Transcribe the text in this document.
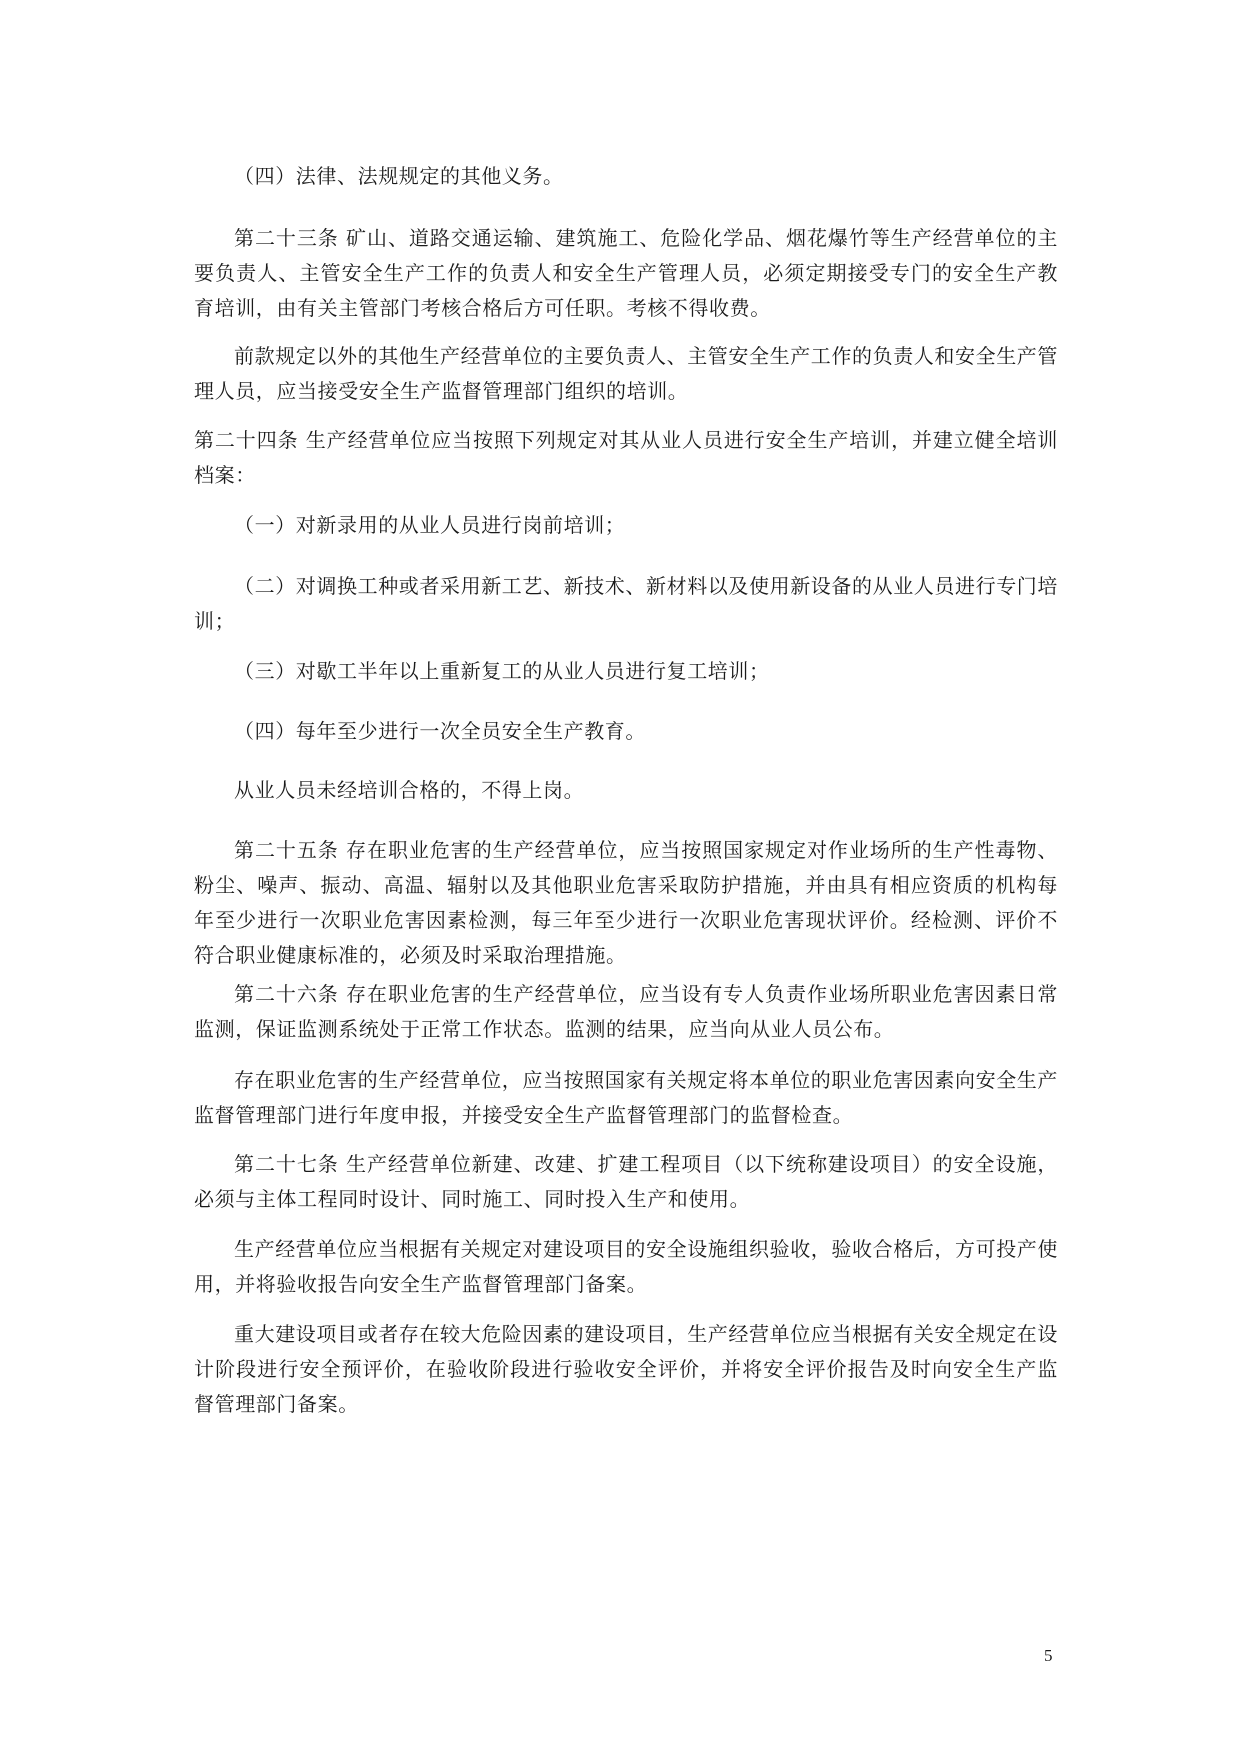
（四）法律、法规规定的其他义务。

第二十三条 矿山、道路交通运输、建筑施工、危险化学品、烟花爆竹等生产经营单位的主要负责人、主管安全生产工作的负责人和安全生产管理人员，必须定期接受专门的安全生产教育培训，由有关主管部门考核合格后方可任职。考核不得收费。

前款规定以外的其他生产经营单位的主要负责人、主管安全生产工作的负责人和安全生产管理人员，应当接受安全生产监督管理部门组织的培训。

第二十四条 生产经营单位应当按照下列规定对其从业人员进行安全生产培训，并建立健全培训档案：

（一）对新录用的从业人员进行岗前培训；

（二）对调换工种或者采用新工艺、新技术、新材料以及使用新设备的从业人员进行专门培训；

（三）对歇工半年以上重新复工的从业人员进行复工培训；

（四）每年至少进行一次全员安全生产教育。

从业人员未经培训合格的，不得上岗。

第二十五条 存在职业危害的生产经营单位，应当按照国家规定对作业场所的生产性毒物、粉尘、噪声、振动、高温、辐射以及其他职业危害采取防护措施，并由具有相应资质的机构每年至少进行一次职业危害因素检测，每三年至少进行一次职业危害现状评价。经检测、评价不符合职业健康标准的，必须及时采取治理措施。

第二十六条 存在职业危害的生产经营单位，应当设有专人负责作业场所职业危害因素日常监测，保证监测系统处于正常工作状态。监测的结果，应当向从业人员公布。

存在职业危害的生产经营单位，应当按照国家有关规定将本单位的职业危害因素向安全生产监督管理部门进行年度申报，并接受安全生产监督管理部门的监督检查。

第二十七条 生产经营单位新建、改建、扩建工程项目（以下统称建设项目）的安全设施，必须与主体工程同时设计、同时施工、同时投入生产和使用。

生产经营单位应当根据有关规定对建设项目的安全设施组织验收，验收合格后，方可投产使用，并将验收报告向安全生产监督管理部门备案。

重大建设项目或者存在较大危险因素的建设项目，生产经营单位应当根据有关安全规定在设计阶段进行安全预评价，在验收阶段进行验收安全评价，并将安全评价报告及时向安全生产监督管理部门备案。

5
